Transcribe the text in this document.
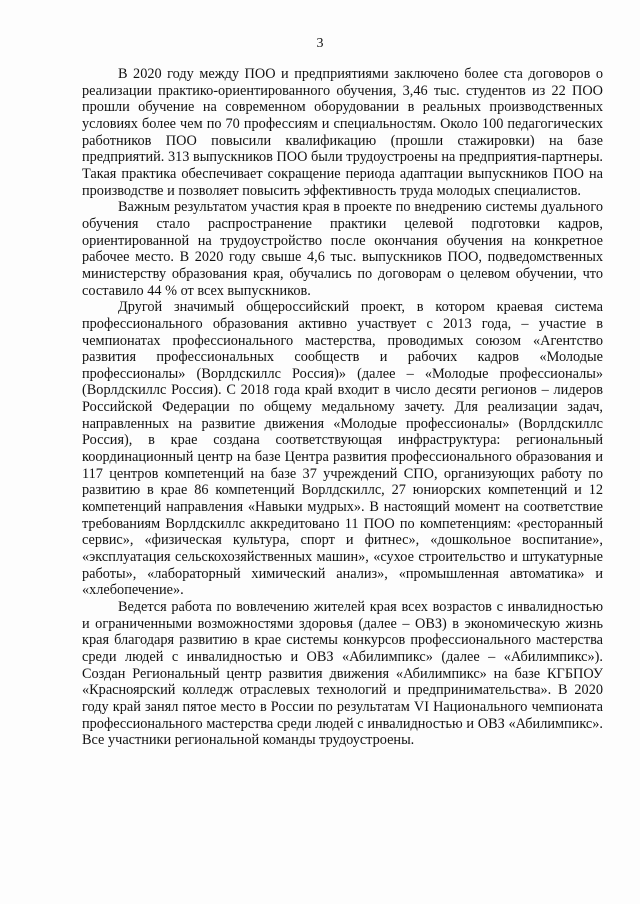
3

В 2020 году между ПОО и предприятиями заключено более ста договоров о реализации практико-ориентированного обучения, 3,46 тыс. студентов из 22 ПОО прошли обучение на современном оборудовании в реальных производственных условиях более чем по 70 профессиям и специальностям. Около 100 педагогических работников ПОО повысили квалификацию (прошли стажировки) на базе предприятий. 313 выпускников ПОО были трудоустроены на предприятия-партнеры. Такая практика обеспечивает сокращение периода адаптации выпускников ПОО на производстве и позволяет повысить эффективность труда молодых специалистов.

Важным результатом участия края в проекте по внедрению системы дуального обучения стало распространение практики целевой подготовки кадров, ориентированной на трудоустройство после окончания обучения на конкретное рабочее место. В 2020 году свыше 4,6 тыс. выпускников ПОО, подведомственных министерству образования края, обучались по договорам о целевом обучении, что составило 44 % от всех выпускников.

Другой значимый общероссийский проект, в котором краевая система профессионального образования активно участвует с 2013 года, – участие в чемпионатах профессионального мастерства, проводимых союзом «Агентство развития профессиональных сообществ и рабочих кадров «Молодые профессионалы» (Ворлдскиллс Россия)» (далее – «Молодые профессионалы» (Ворлдскиллс Россия). С 2018 года край входит в число десяти регионов – лидеров Российской Федерации по общему медальному зачету. Для реализации задач, направленных на развитие движения «Молодые профессионалы» (Ворлдскиллс Россия), в крае создана соответствующая инфраструктура: региональный координационный центр на базе Центра развития профессионального образования и 117 центров компетенций на базе 37 учреждений СПО, организующих работу по развитию в крае 86 компетенций Ворлдскиллс, 27 юниорских компетенций и 12 компетенций направления «Навыки мудрых». В настоящий момент на соответствие требованиям Ворлдскиллс аккредитовано 11 ПОО по компетенциям: «ресторанный сервис», «физическая культура, спорт и фитнес», «дошкольное воспитание», «эксплуатация сельскохозяйственных машин», «сухое строительство и штукатурные работы», «лабораторный химический анализ», «промышленная автоматика» и «хлебопечение».

Ведется работа по вовлечению жителей края всех возрастов с инвалидностью и ограниченными возможностями здоровья (далее – ОВЗ) в экономическую жизнь края благодаря развитию в крае системы конкурсов профессионального мастерства среди людей с инвалидностью и ОВЗ «Абилимпикс» (далее – «Абилимпикс»). Создан Региональный центр развития движения «Абилимпикс» на базе КГБПОУ «Красноярский колледж отраслевых технологий и предпринимательства». В 2020 году край занял пятое место в России по результатам VI Национального чемпионата профессионального мастерства среди людей с инвалидностью и ОВЗ «Абилимпикс». Все участники региональной команды трудоустроены.
